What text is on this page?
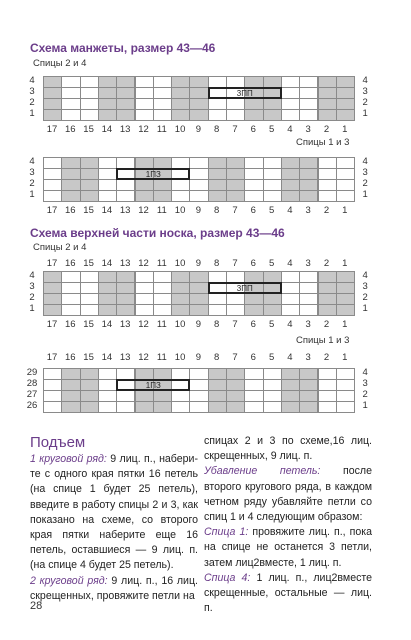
Схема манжеты, размер 43—46
Спицы 2 и 4
4	4
3	3
2	2
1	1
17 16 15 14 13 12 11 10	9	8	7	6	5	4	3	2	1
3ПП
Спицы 1 и 3
4	4
3	3
2	2
1	1
17 16 15 14 13 12 11 10	9	8	7	6	5	4	3	2	1
1ПЗ
Схема верхней части носка, размер 43—46
Спицы 2 и 4
4	4
3	3
2	2
1	1
17 16 15 14 13 12 11 10	9	8	7	6	5	4	3	2	1
17 16 15 14 13 12 11 10	9	8	7	6	5	4	3	2	1
3ПП
Спицы 1 и 3
29	4
28	3
27	2
26	1
17 16 15 14 13 12 11 10	9	8	7	6	5	4	3	2	1
1ПЗ
Подъем

1 круговой ряд: 9 лиц. п., набери-те с одного края пятки 16 петель (на спице 1 будет 25 петель), введите в работу спицы 2 и 3, как показано на схеме, со второго края пятки наберите еще 16 петель, оставшиеся — 9 лиц. п. (на спице 4 будет 25 петель).

2 круговой ряд: 9 лиц. п., 16 лиц. скрещенных, провяжите петли на

спицах 2 и 3 по схеме,16 лиц. скрещенных, 9 лиц. п.

Убавление петель: после второго кругового ряда, в каждом четном ряду убавляйте петли со спиц 1 и 4 следующим образом:

Спица 1: провяжите лиц. п., пока на спице не останется 3 петли, затем лиц2вместе, 1 лиц. п.

Спица 4: 1 лиц. п., лиц2вместе скрещенные, остальные — лиц. п.

28
